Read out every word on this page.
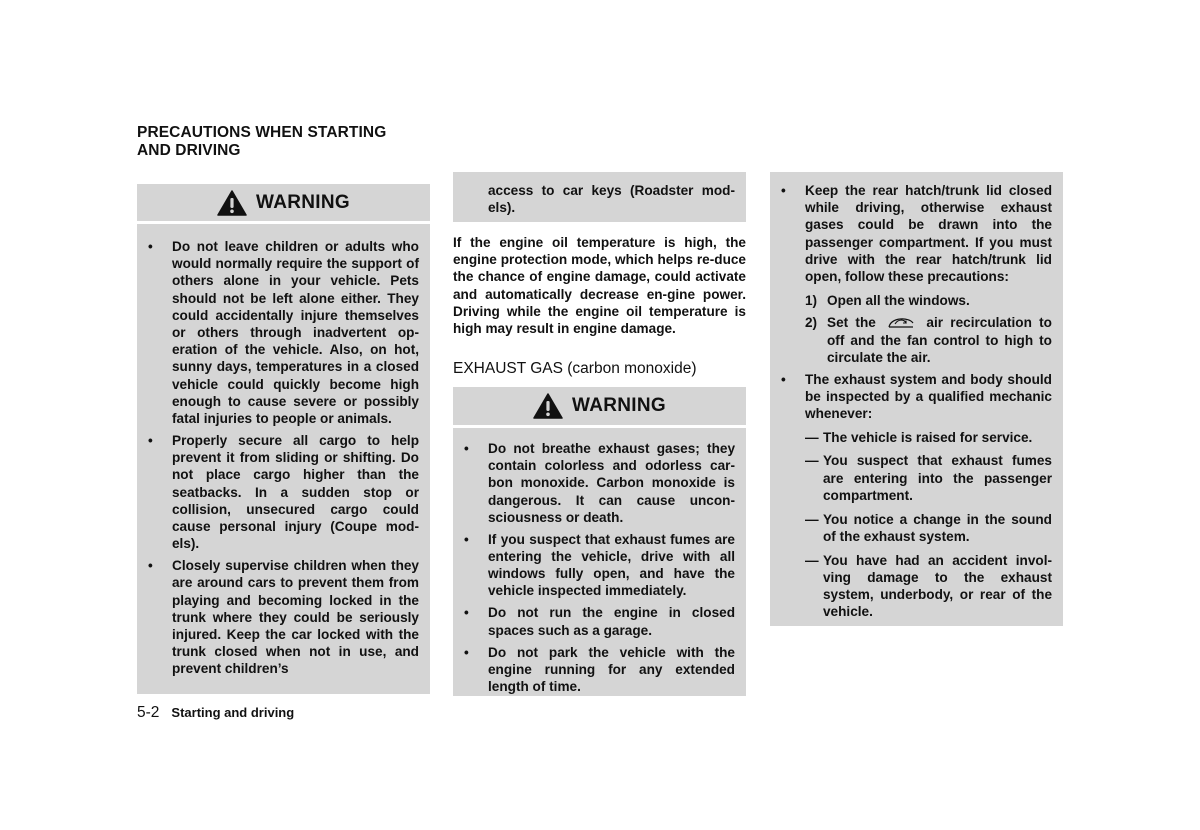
PRECAUTIONS WHEN STARTING
AND DRIVING
WARNING
• Do not leave children or adults who would normally require the support of others alone in your vehicle. Pets should not be left alone either. They could accidentally injure themselves or others through inadvertent op-eration of the vehicle. Also, on hot, sunny days, temperatures in a closed vehicle could quickly become high enough to cause severe or possibly fatal injuries to people or animals.
• Properly secure all cargo to help prevent it from sliding or shifting. Do not place cargo higher than the seatbacks. In a sudden stop or collision, unsecured cargo could cause personal injury (Coupe mod-els).
• Closely supervise children when they are around cars to prevent them from playing and becoming locked in the trunk where they could be seriously injured. Keep the car locked with the trunk closed when not in use, and prevent children’s
access to car keys (Roadster mod-els).
If the engine oil temperature is high, the engine protection mode, which helps re-duce the chance of engine damage, could activate and automatically decrease en-gine power. Driving while the engine oil temperature is high may result in engine damage.
EXHAUST GAS (carbon monoxide)
WARNING
• Do not breathe exhaust gases; they contain colorless and odorless car-bon monoxide. Carbon monoxide is dangerous. It can cause uncon-sciousness or death.
• If you suspect that exhaust fumes are entering the vehicle, drive with all windows fully open, and have the vehicle inspected immediately.
• Do not run the engine in closed spaces such as a garage.
• Do not park the vehicle with the engine running for any extended length of time.
• Keep the rear hatch/trunk lid closed while driving, otherwise exhaust gases could be drawn into the passenger compartment. If you must drive with the rear hatch/trunk lid open, follow these precautions:
1) Open all the windows.
2) Set the	air recirculation to off and the fan control to high to circulate the air.
• The exhaust system and body should be inspected by a qualified mechanic whenever:
— The vehicle is raised for service.
— You suspect that exhaust fumes are entering into the passenger compartment.
— You notice a change in the sound of the exhaust system.
— You have had an accident invol-ving damage to the exhaust system, underbody, or rear of the vehicle.
5-2 Starting and driving
